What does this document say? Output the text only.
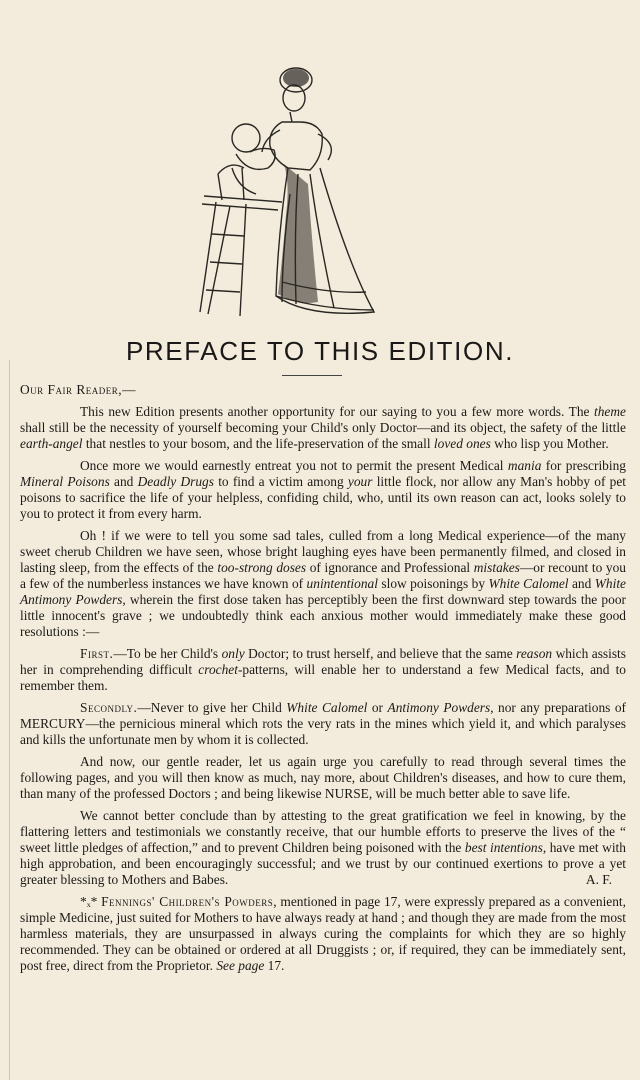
PREFACE TO THIS EDITION.

Our Fair Reader,—

This new Edition presents another opportunity for our saying to you a few more words. The theme shall still be the necessity of yourself becoming your Child's only Doctor—and its object, the safety of the little earth-angel that nestles to your bosom, and the life-preservation of the small loved ones who lisp you Mother.

Once more we would earnestly entreat you not to permit the present Medical mania for prescribing Mineral Poisons and Deadly Drugs to find a victim among your little flock, nor allow any Man's hobby of pet poisons to sacrifice the life of your helpless, confiding child, who, until its own reason can act, looks solely to you to protect it from every harm.

Oh ! if we were to tell you some sad tales, culled from a long Medical experience—of the many sweet cherub Children we have seen, whose bright laughing eyes have been permanently filmed, and closed in lasting sleep, from the effects of the too-strong doses of ignorance and Professional mistakes—or recount to you a few of the numberless instances we have known of unintentional slow poisonings by White Calomel and White Antimony Powders, wherein the first dose taken has perceptibly been the first downward step towards the poor little innocent's grave ; we undoubtedly think each anxious mother would immediately make these good resolutions :—

First.—To be her Child's only Doctor; to trust herself, and believe that the same reason which assists her in comprehending difficult crochet-patterns, will enable her to understand a few Medical facts, and to remember them.

Secondly.—Never to give her Child White Calomel or Antimony Powders, nor any preparations of MERCURY—the pernicious mineral which rots the very rats in the mines which yield it, and which paralyses and kills the unfortunate men by whom it is collected.

And now, our gentle reader, let us again urge you carefully to read through several times the following pages, and you will then know as much, nay more, about Children's diseases, and how to cure them, than many of the professed Doctors ; and being likewise NURSE, will be much better able to save life.

We cannot better conclude than by attesting to the great gratification we feel in knowing, by the flattering letters and testimonials we constantly receive, that our humble efforts to preserve the lives of the “ sweet little pledges of affection,” and to prevent Children being poisoned with the best intentions, have met with high approbation, and been encouragingly successful; and we trust by our continued exertions to prove a yet greater blessing to Mothers and Babes.	A. F.

*ₓ* Fennings' Children's Powders, mentioned in page 17, were expressly prepared as a convenient, simple Medicine, just suited for Mothers to have always ready at hand ; and though they are made from the most harmless materials, they are unsurpassed in always curing the complaints for which they are so highly recommended. They can be obtained or ordered at all Druggists ; or, if required, they can be immediately sent, post free, direct from the Proprietor. See page 17.
